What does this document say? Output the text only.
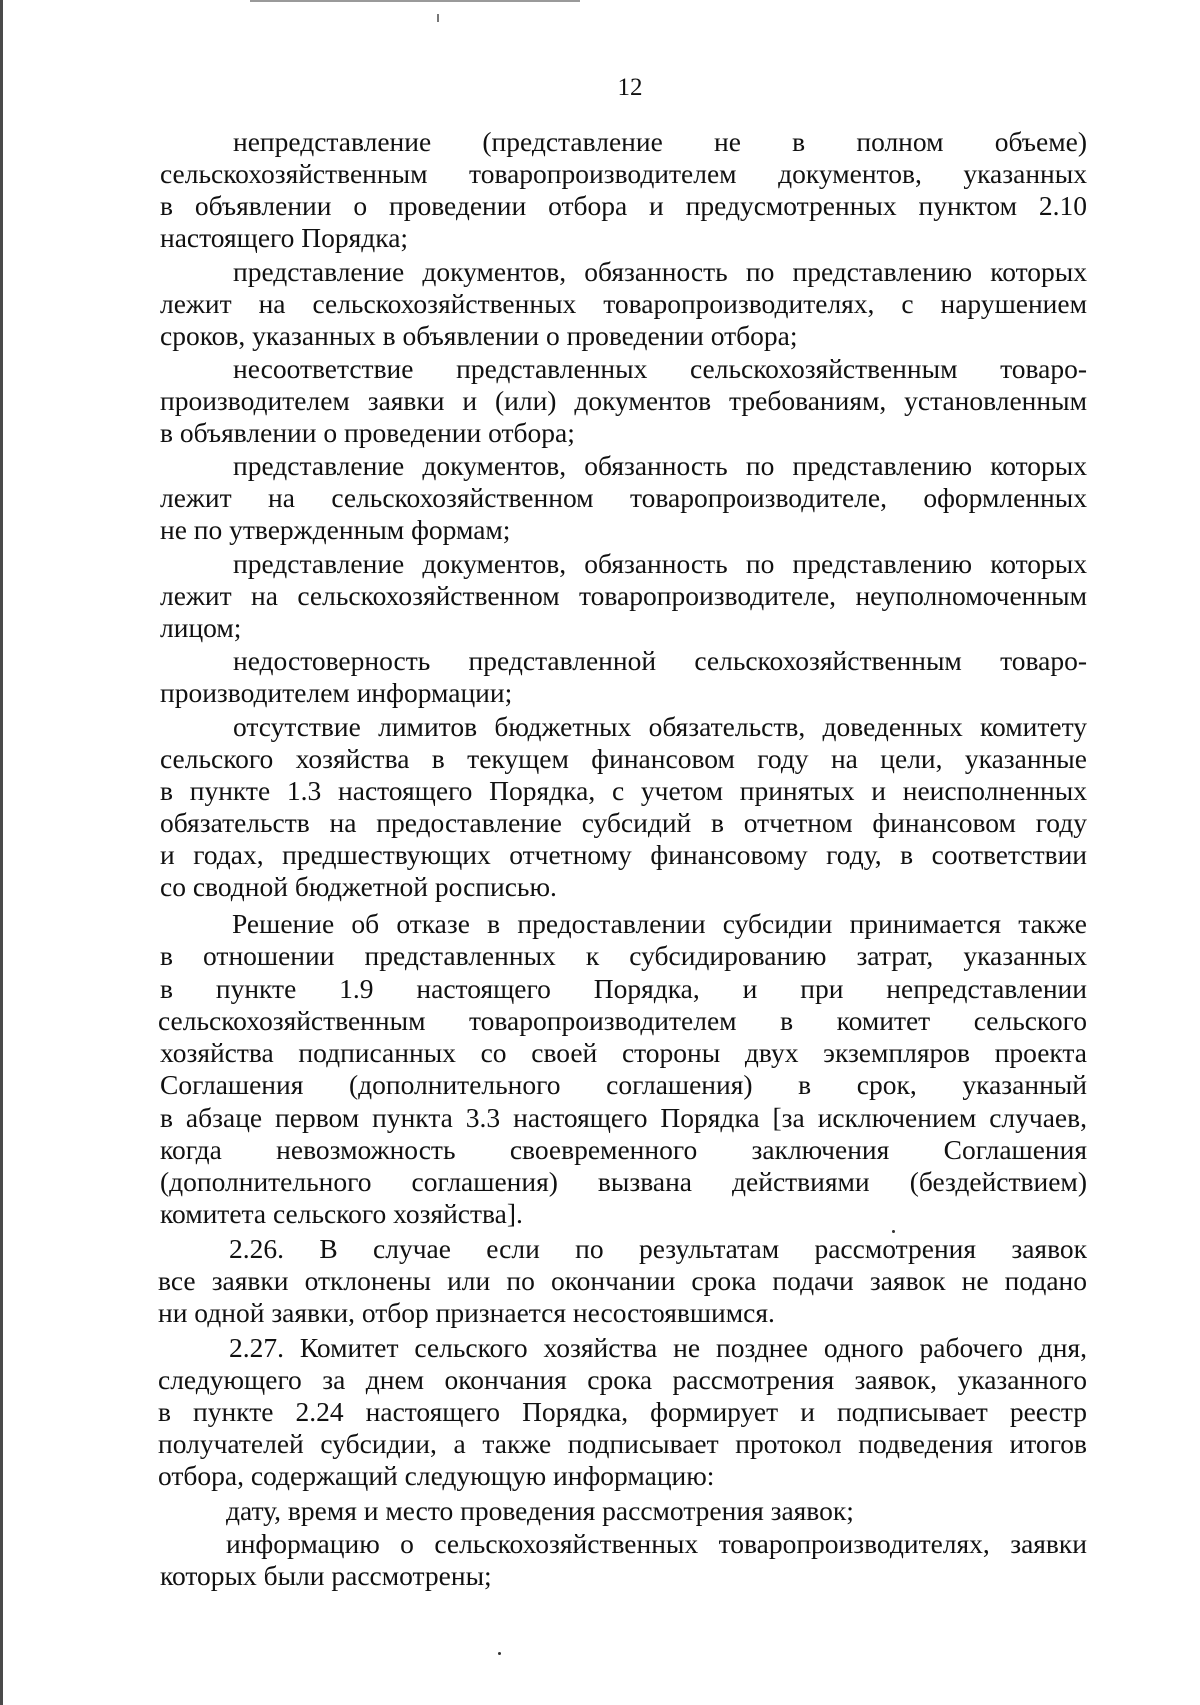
12
непредставление (представление не в полном объеме)
сельскохозяйственным товаропроизводителем документов, указанных
в объявлении о проведении отбора и предусмотренных пунктом 2.10
настоящего Порядка;
представление документов, обязанность по представлению которых
лежит на сельскохозяйственных товаропроизводителях, с нарушением
сроков, указанных в объявлении о проведении отбора;
несоответствие представленных сельскохозяйственным товаро-
производителем заявки и (или) документов требованиям, установленным
в объявлении о проведении отбора;
представление документов, обязанность по представлению которых
лежит на сельскохозяйственном товаропроизводителе, оформленных
не по утвержденным формам;
представление документов, обязанность по представлению которых
лежит на сельскохозяйственном товаропроизводителе, неуполномоченным
лицом;
недостоверность представленной сельскохозяйственным товаро-
производителем информации;
отсутствие лимитов бюджетных обязательств, доведенных комитету
сельского хозяйства в текущем финансовом году на цели, указанные
в пункте 1.3 настоящего Порядка, с учетом принятых и неисполненных
обязательств на предоставление субсидий в отчетном финансовом году
и годах, предшествующих отчетному финансовому году, в соответствии
со сводной бюджетной росписью.
Решение об отказе в предоставлении субсидии принимается также
в отношении представленных к субсидированию затрат, указанных
в пункте 1.9 настоящего Порядка, и при непредставлении
сельскохозяйственным товаропроизводителем в комитет сельского
хозяйства подписанных со своей стороны двух экземпляров проекта
Соглашения (дополнительного соглашения) в срок, указанный
в абзаце первом пункта 3.3 настоящего Порядка [за исключением случаев,
когда невозможность своевременного заключения Соглашения
(дополнительного соглашения) вызвана действиями (бездействием)
комитета сельского хозяйства].
2.26. В случае если по результатам рассмотрения заявок
все заявки отклонены или по окончании срока подачи заявок не подано
ни одной заявки, отбор признается несостоявшимся.
2.27. Комитет сельского хозяйства не позднее одного рабочего дня,
следующего за днем окончания срока рассмотрения заявок, указанного
в пункте 2.24 настоящего Порядка, формирует и подписывает реестр
получателей субсидии, а также подписывает протокол подведения итогов
отбора, содержащий следующую информацию:
дату, время и место проведения рассмотрения заявок;
информацию о сельскохозяйственных товаропроизводителях, заявки
которых были рассмотрены;
